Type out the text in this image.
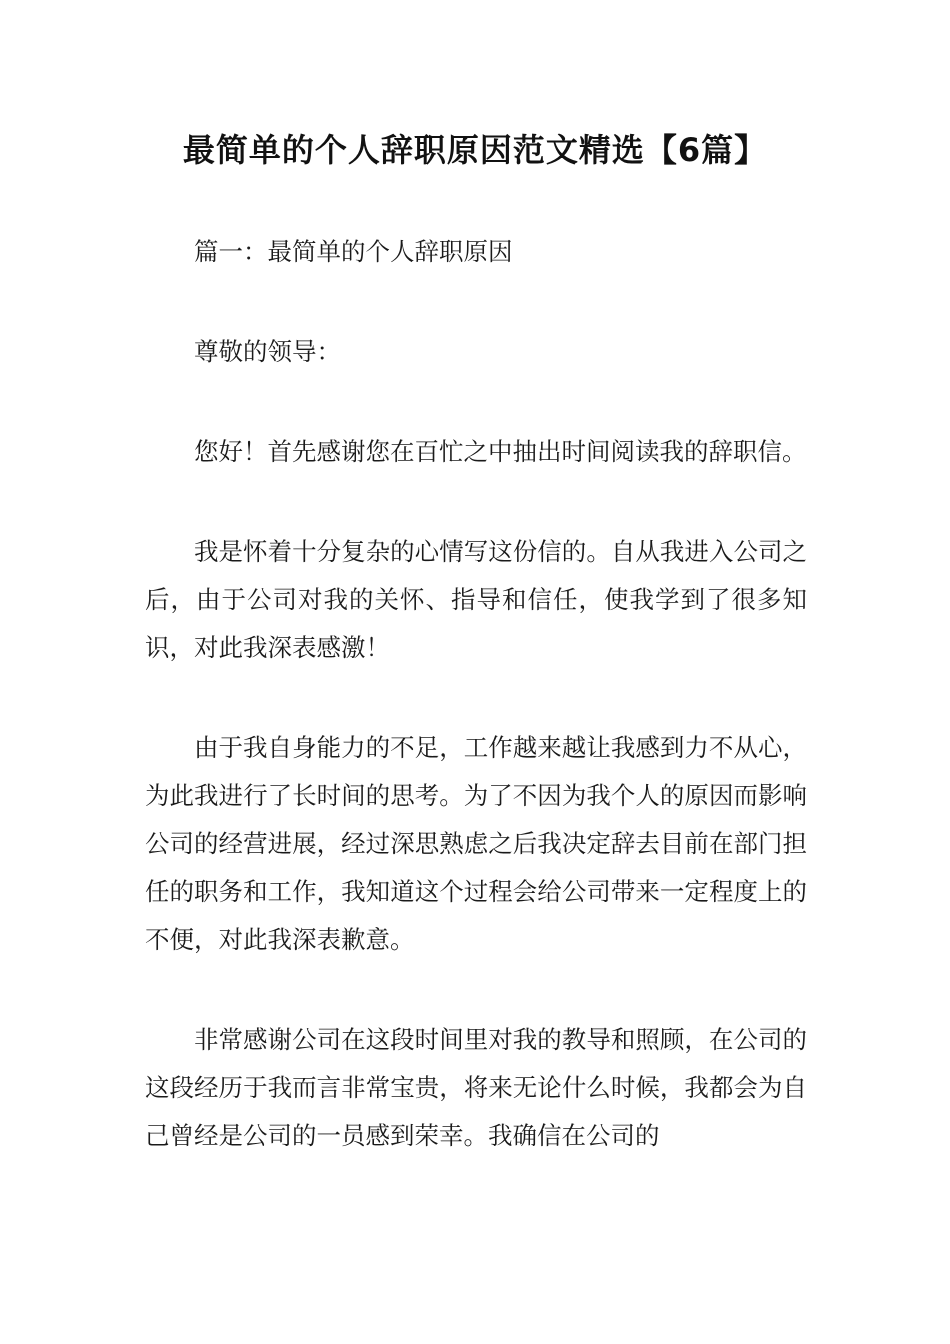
最简单的个人辞职原因范文精选【6篇】

篇一：最简单的个人辞职原因

尊敬的领导：

您好！首先感谢您在百忙之中抽出时间阅读我的辞职信。

我是怀着十分复杂的心情写这份信的。自从我进入公司之后，由于公司对我的关怀、指导和信任，使我学到了很多知识，对此我深表感激！

由于我自身能力的不足，工作越来越让我感到力不从心，为此我进行了长时间的思考。为了不因为我个人的原因而影响公司的经营进展，经过深思熟虑之后我决定辞去目前在部门担任的职务和工作，我知道这个过程会给公司带来一定程度上的不便，对此我深表歉意。

非常感谢公司在这段时间里对我的教导和照顾，在公司的这段经历于我而言非常宝贵，将来无论什么时候，我都会为自己曾经是公司的一员感到荣幸。我确信在公司的
